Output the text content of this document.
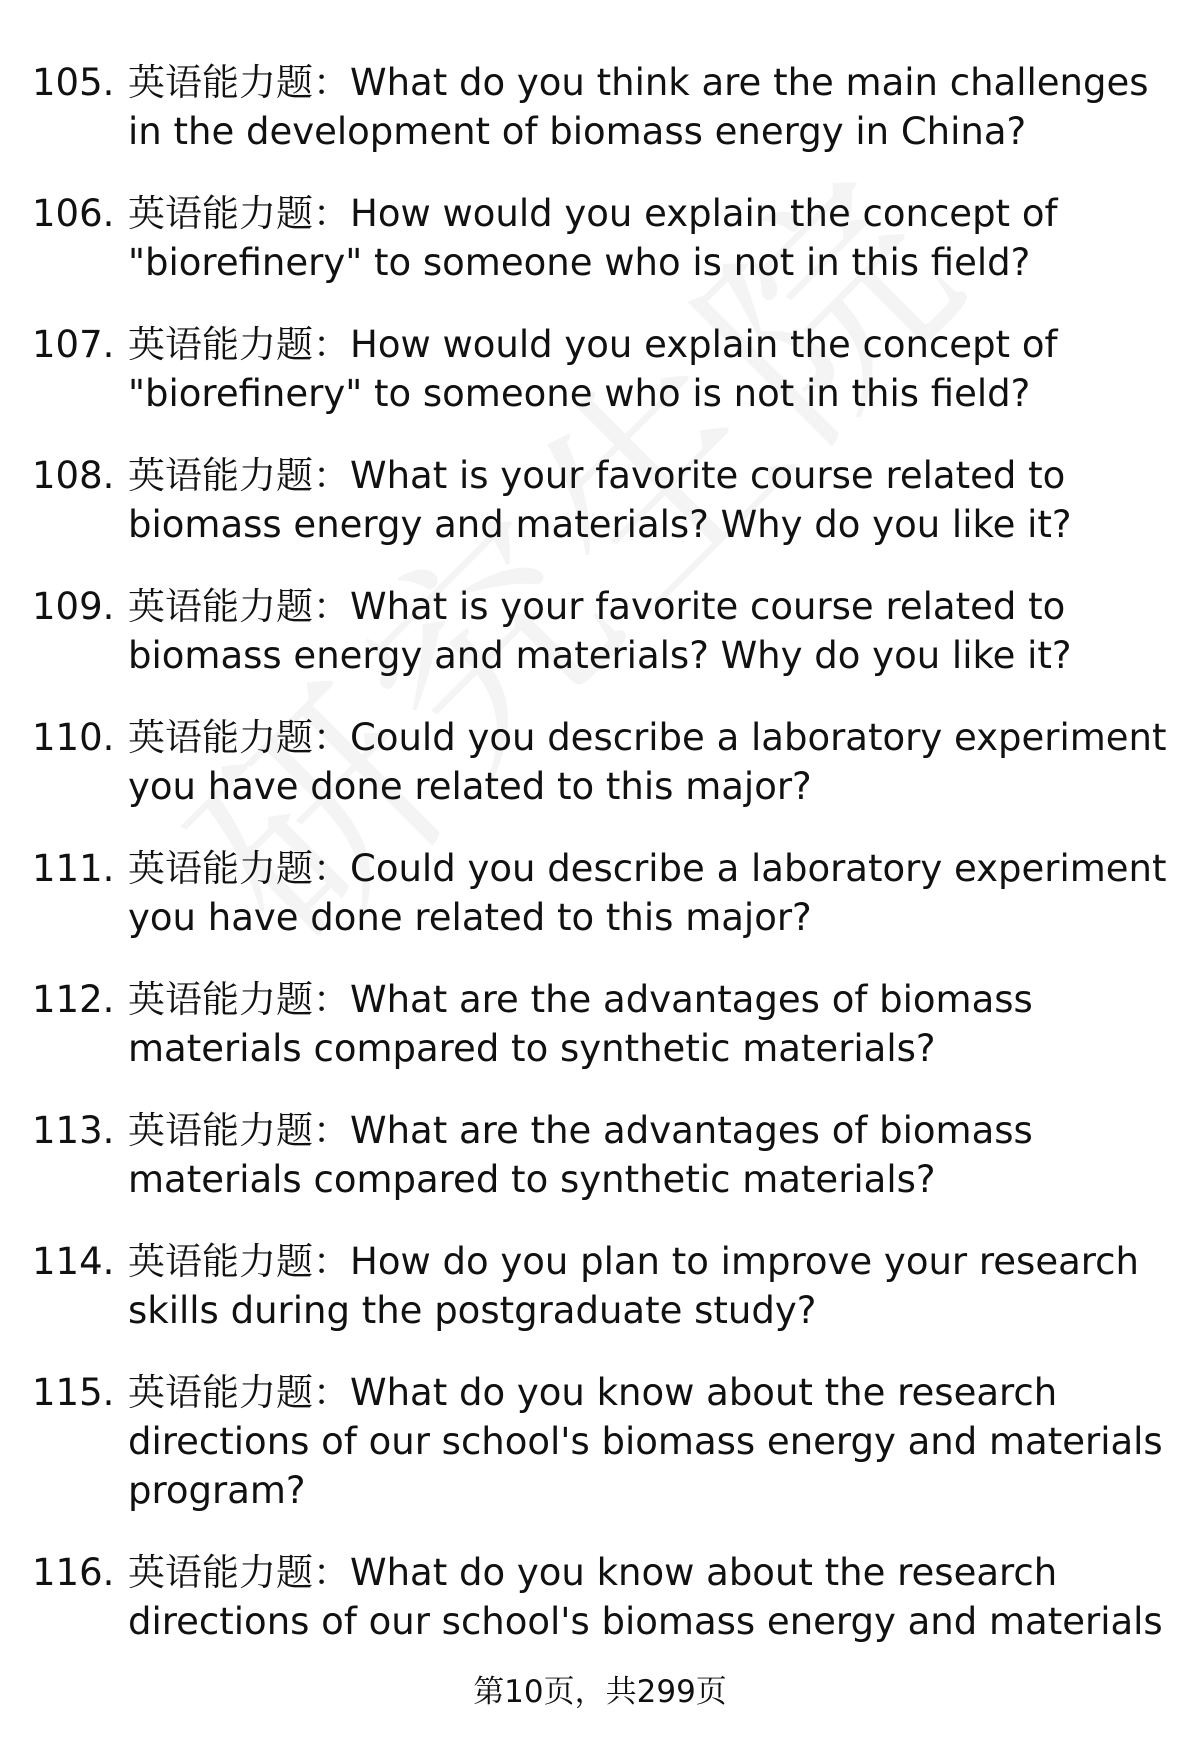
105. 英语能力题：What do you think are the main challenges in the development of biomass energy in China?
106. 英语能力题：How would you explain the concept of "biorefinery" to someone who is not in this field?
107. 英语能力题：How would you explain the concept of "biorefinery" to someone who is not in this field?
108. 英语能力题：What is your favorite course related to biomass energy and materials? Why do you like it?
109. 英语能力题：What is your favorite course related to biomass energy and materials? Why do you like it?
110. 英语能力题：Could you describe a laboratory experiment you have done related to this major?
111. 英语能力题：Could you describe a laboratory experiment you have done related to this major?
112. 英语能力题：What are the advantages of biomass materials compared to synthetic materials?
113. 英语能力题：What are the advantages of biomass materials compared to synthetic materials?
114. 英语能力题：How do you plan to improve your research skills during the postgraduate study?
115. 英语能力题：What do you know about the research directions of our school's biomass energy and materials program?
116. 英语能力题：What do you know about the research directions of our school's biomass energy and materials
第10页，共299页
